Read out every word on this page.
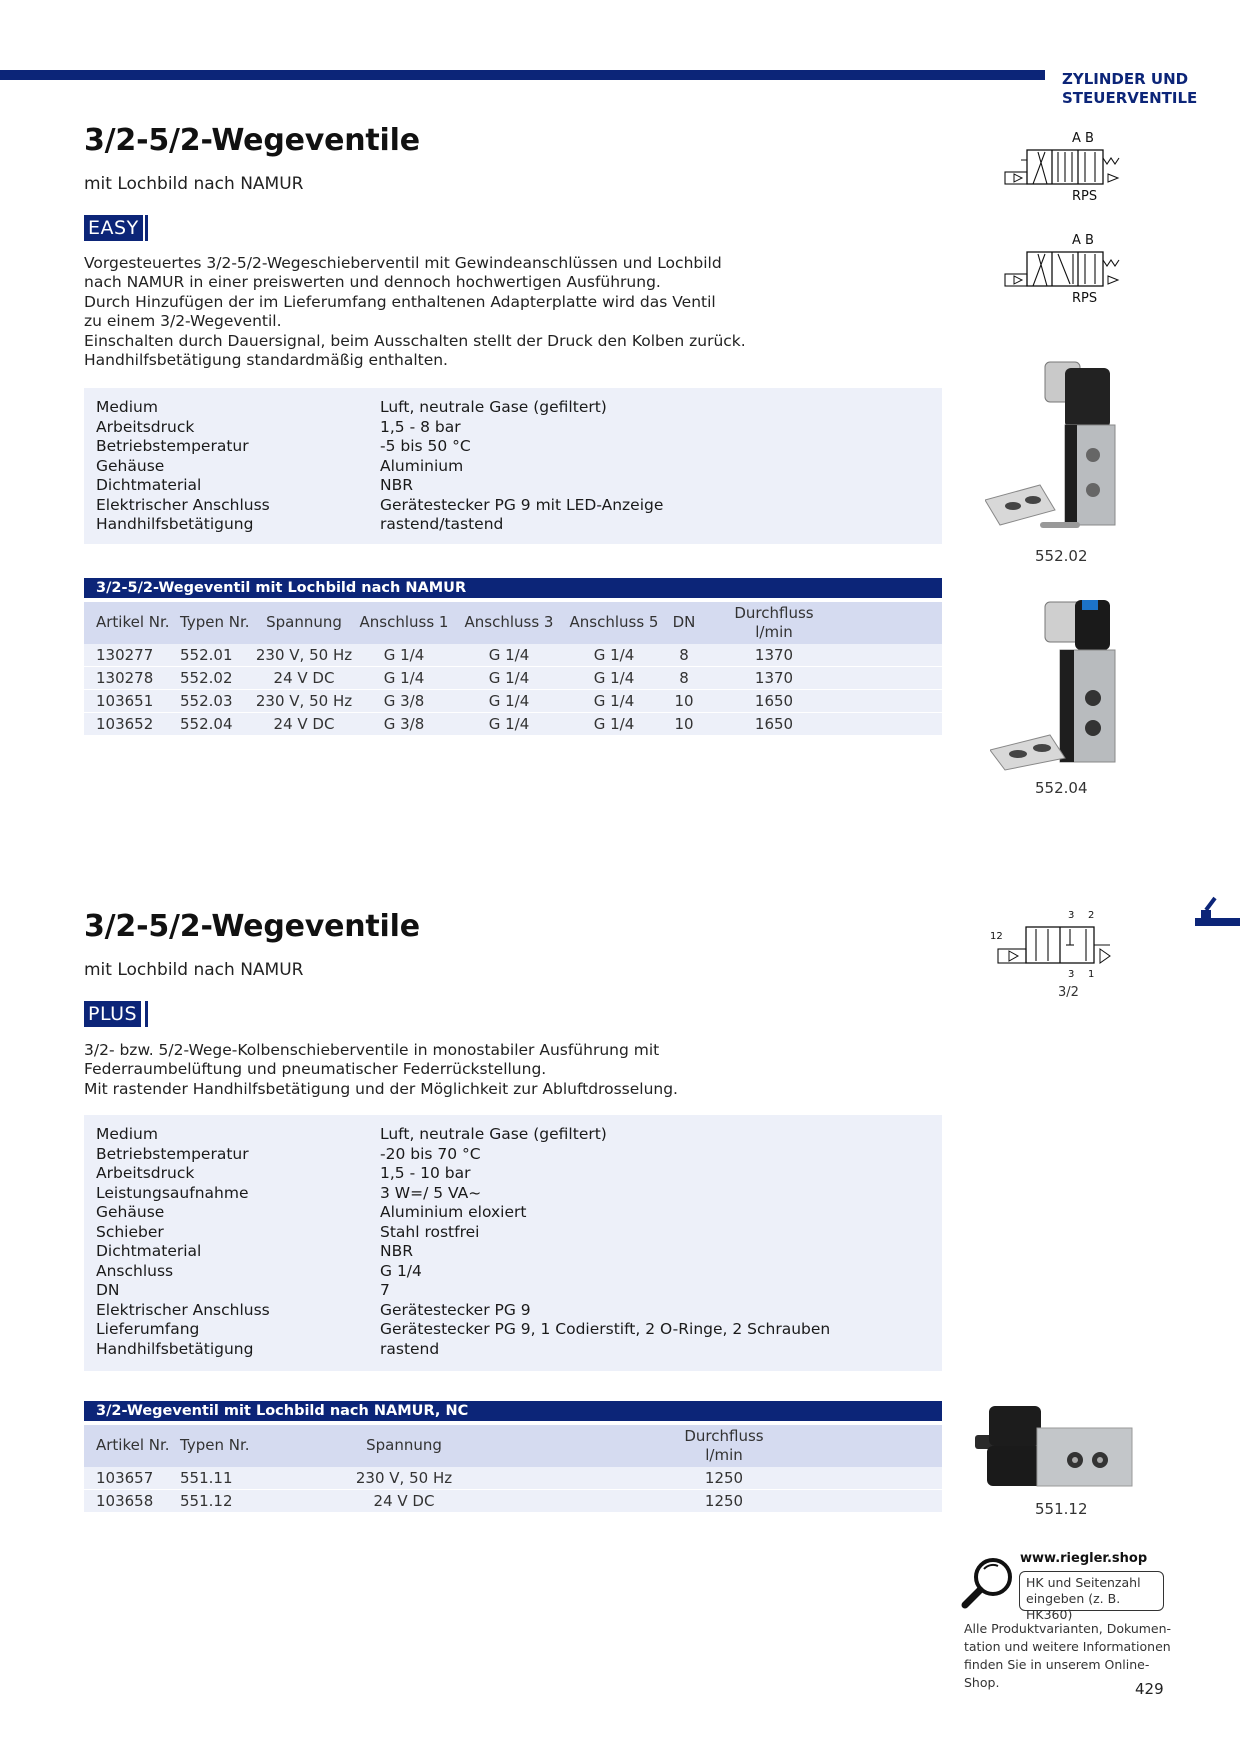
ZYLINDER UND
STEUERVENTILE
3/2-5/2-Wegeventile
mit Lochbild nach NAMUR
EASY
Vorgesteuertes 3/2-5/2-Wegeschieberventil mit Gewindeanschlüssen und Lochbild
nach NAMUR in einer preiswerten und dennoch hochwertigen Ausführung.
Durch Hinzufügen der im Lieferumfang enthaltenen Adapterplatte wird das Ventil
zu einem 3/2-Wegeventil.
Einschalten durch Dauersignal, beim Ausschalten stellt der Druck den Kolben zurück.
Handhilfsbetätigung standardmäßig enthalten.
Medium	Luft, neutrale Gase (gefiltert)
Arbeitsdruck	1,5 - 8 bar
Betriebstemperatur	-5 bis 50 °C
Gehäuse	Aluminium
Dichtmaterial	NBR
Elektrischer Anschluss	Gerätestecker PG 9 mit LED-Anzeige
Handhilfsbetätigung	rastend/tastend
3/2-5/2-Wegeventil mit Lochbild nach NAMUR
Artikel Nr. Typen Nr.	Spannung	Anschluss 1	Anschluss 3	Anschluss 5 DN	Durchfluss
l/min
130277 552.01	230 V, 50 Hz	G 1/4	G 1/4	G 1/4	8	1370
130278 552.02	24 V DC	G 1/4	G 1/4	G 1/4	8	1370
103651 552.03	230 V, 50 Hz	G 3/8	G 1/4	G 1/4	10	1650
103652 552.04	24 V DC	G 3/8	G 1/4	G 1/4	10	1650
A B
RPS
A B
RPS
552.02
552.04
3/2-5/2-Wegeventile
mit Lochbild nach NAMUR
PLUS
3/2- bzw. 5/2-Wege-Kolbenschieberventile in monostabiler Ausführung mit
Federraumbelüftung und pneumatischer Federrückstellung.
Mit rastender Handhilfsbetätigung und der Möglichkeit zur Abluftdrosselung.
Medium	Luft, neutrale Gase (gefiltert)
Betriebstemperatur	-20 bis 70 °C
Arbeitsdruck	1,5 - 10 bar
Leistungsaufnahme	3 W=/ 5 VA~
Gehäuse	Aluminium eloxiert
Schieber	Stahl rostfrei
Dichtmaterial	NBR
Anschluss	G 1/4
DN	7
Elektrischer Anschluss	Gerätestecker PG 9
Lieferumfang	Gerätestecker PG 9, 1 Codierstift, 2 O-Ringe, 2 Schrauben
Handhilfsbetätigung	rastend
3/2-Wegeventil mit Lochbild nach NAMUR, NC
Artikel Nr. Typen Nr.	Spannung	Durchfluss
l/min
103657 551.11	230 V, 50 Hz	1250
103658 551.12	24 V DC	1250
3 2
12
3 1
3/2
551.12
www.riegler.shop
HK und Seitenzahl
eingeben (z. B. HK360)
Alle Produktvarianten, Dokumen-
tation und weitere Informationen
finden Sie in unserem Online-Shop.	429
